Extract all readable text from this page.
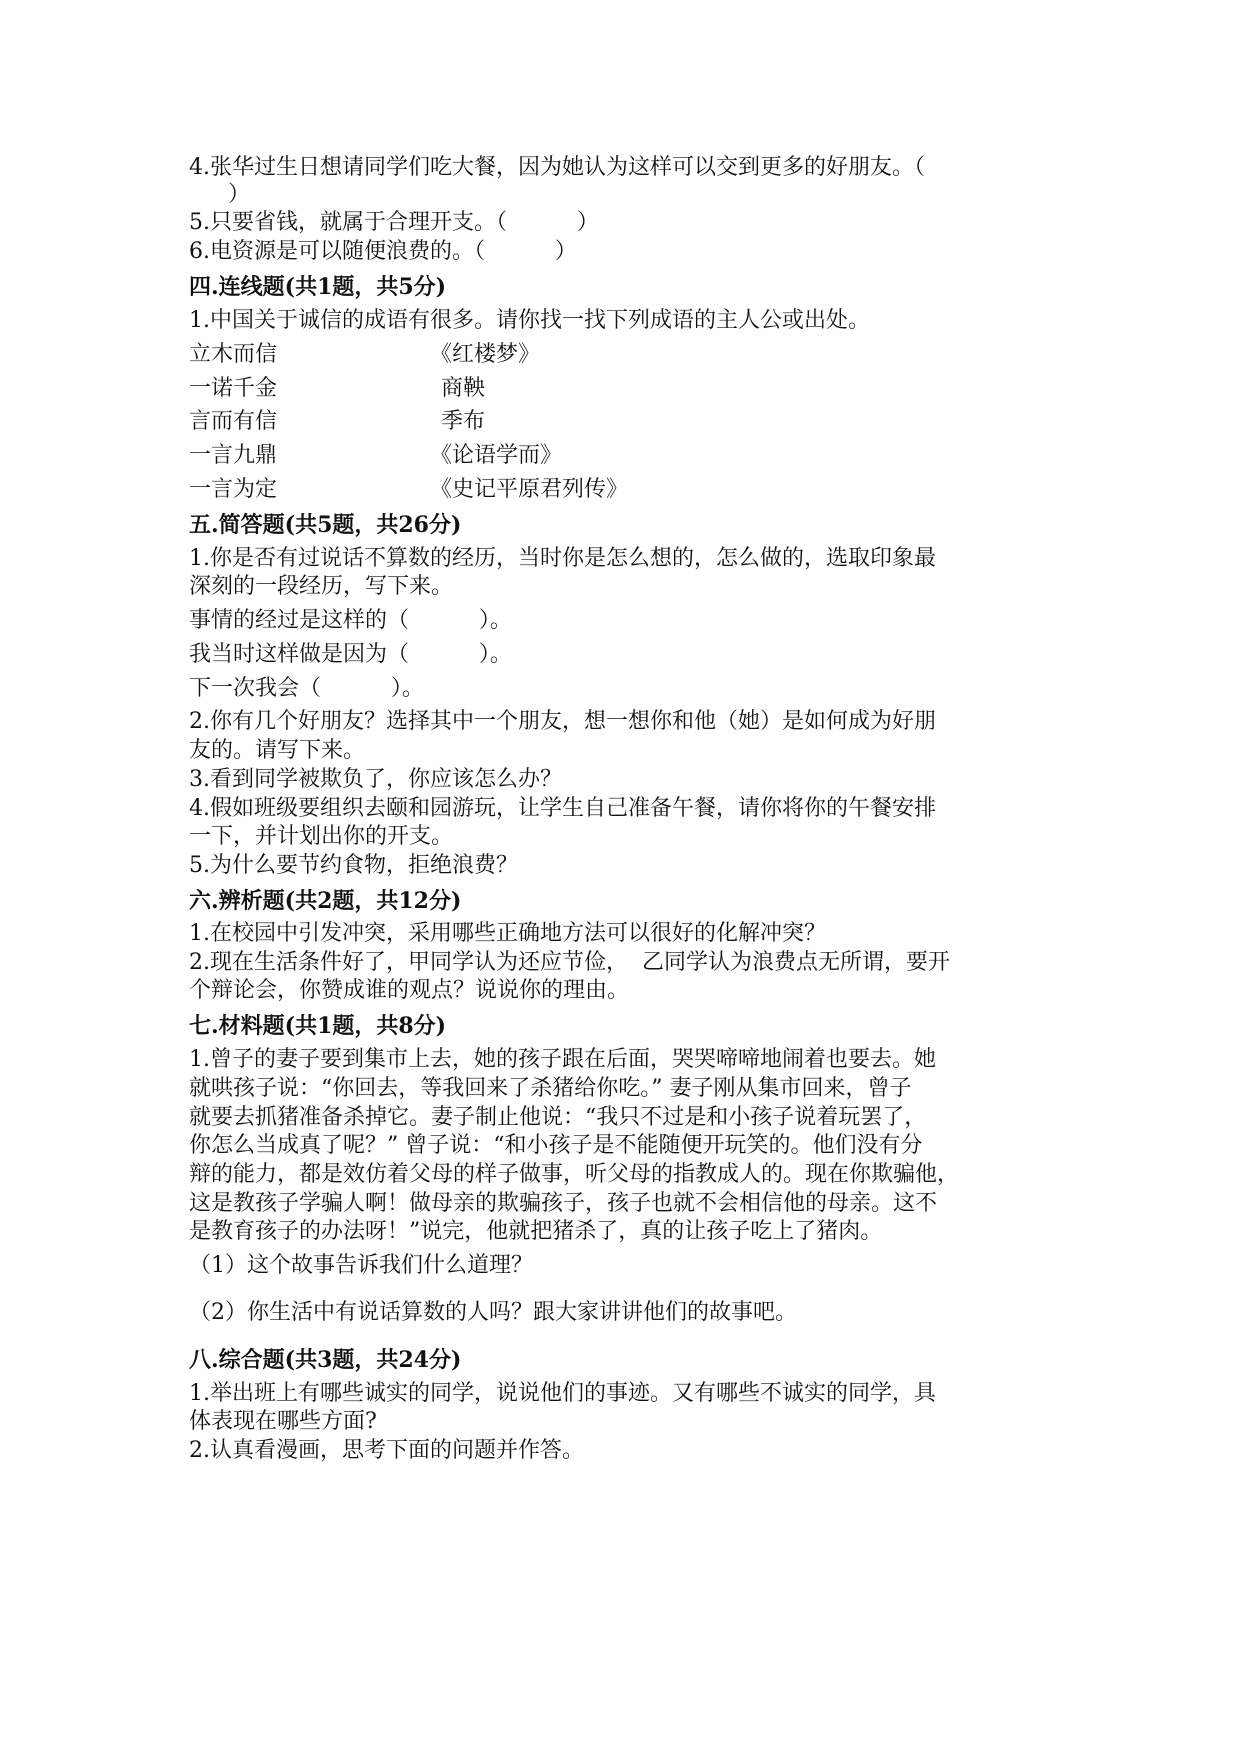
4.张华过生日想请同学们吃大餐，因为她认为这样可以交到更多的好朋友。（
）
5.只要省钱，就属于合理开支。（          ）
6.电资源是可以随便浪费的。（          ）
四.连线题(共1题，共5分)
1.中国关于诚信的成语有很多。请你找一找下列成语的主人公或出处。
立木而信	《红楼梦》
一诺千金	商鞅
言而有信	季布
一言九鼎	《论语学而》
一言为定	《史记平原君列传》
五.简答题(共5题，共26分)
1.你是否有过说话不算数的经历，当时你是怎么想的，怎么做的，选取印象最
深刻的一段经历，写下来。
事情的经过是这样的（          ）。
我当时这样做是因为（          ）。
下一次我会（          ）。
2.你有几个好朋友？选择其中一个朋友，想一想你和他（她）是如何成为好朋
友的。请写下来。
3.看到同学被欺负了，你应该怎么办？
4.假如班级要组织去颐和园游玩，让学生自己准备午餐，请你将你的午餐安排
一下，并计划出你的开支。
5.为什么要节约食物，拒绝浪费？
六.辨析题(共2题，共12分)
1.在校园中引发冲突，采用哪些正确地方法可以很好的化解冲突？
2.现在生活条件好了，甲同学认为还应节俭，  乙同学认为浪费点无所谓，要开
个辩论会，你赞成谁的观点？说说你的理由。
七.材料题(共1题，共8分)
1.曾子的妻子要到集市上去，她的孩子跟在后面，哭哭啼啼地闹着也要去。她
就哄孩子说：“你回去，等我回来了杀猪给你吃。” 妻子刚从集市回来，曾子
就要去抓猪准备杀掉它。妻子制止他说：“我只不过是和小孩子说着玩罢了，
你怎么当成真了呢？” 曾子说：“和小孩子是不能随便开玩笑的。他们没有分
辩的能力，都是效仿着父母的样子做事，听父母的指教成人的。现在你欺骗他，
这是教孩子学骗人啊！做母亲的欺骗孩子，孩子也就不会相信他的母亲。这不
是教育孩子的办法呀！”说完，他就把猪杀了，真的让孩子吃上了猪肉。
（1）这个故事告诉我们什么道理？
（2）你生活中有说话算数的人吗？跟大家讲讲他们的故事吧。
八.综合题(共3题，共24分)
1.举出班上有哪些诚实的同学，说说他们的事迹。又有哪些不诚实的同学，具
体表现在哪些方面?
2.认真看漫画，思考下面的问题并作答。
